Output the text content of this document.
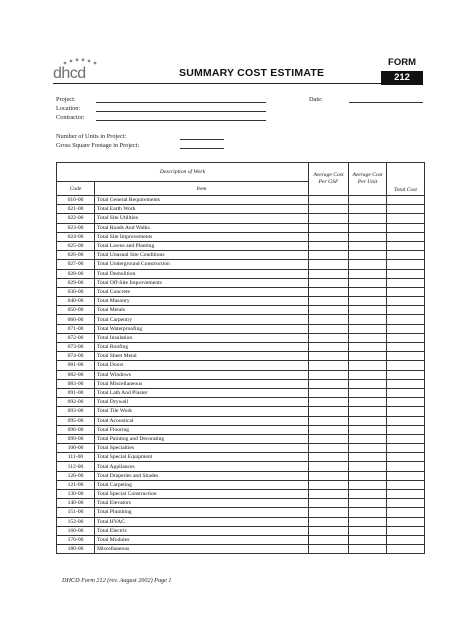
dhcd	SUMMARY COST ESTIMATE
FORM
212
Project:
Location:
Contractor:
Date:
Number of Units in Project:
Gross Square Footage in Project:
Description of Work		Average Cost Per GSF	Average Cost Per Unit	Total Cost
Code	Item			
010-00	Total General Requirements			
021-00	Total Earth Work			
022-00	Total Site Utilities			
023-00	Total Roads And Walks			
024-00	Total Site Improvements			
025-00	Total Lawns and Planting			
026-00	Total Unusual Site Conditions			
027-00	Total Underground Construction			
028-00	Total Demolition			
029-00	Total Off-Site Improvements			
030-00	Total Concrete			
040-00	Total Masonry			
050-00	Total Metals			
060-00	Total Carpentry			
071-00	Total Waterproofing			
072-00	Total Insulation			
073-00	Total Roofing			
074-00	Total Sheet Metal			
081-00	Total Doors			
082-00	Total Windows			
083-00	Total Miscellaneous			
091-00	Total Lath And Plaster			
092-00	Total Drywall			
093-00	Total Tile Work			
095-00	Total Acoustical			
096-00	Total Flooring			
099-00	Total Painting and Decorating			
100-00	Total Specialties			
111-00	Total Special Equipment			
112-00	Total Appliances			
120-00	Total Draperies and Shades			
121-00	Total Carpeting			
130-00	Total Special Construction			
140-00	Total Elevators			
151-00	Total Plumbing			
152-00	Total HVAC			
160-00	Total Electric			
170-00	Total Modules			
180-00	Miscellaneous			
DHCD Form 212 (rev. August 2002) Page 1
